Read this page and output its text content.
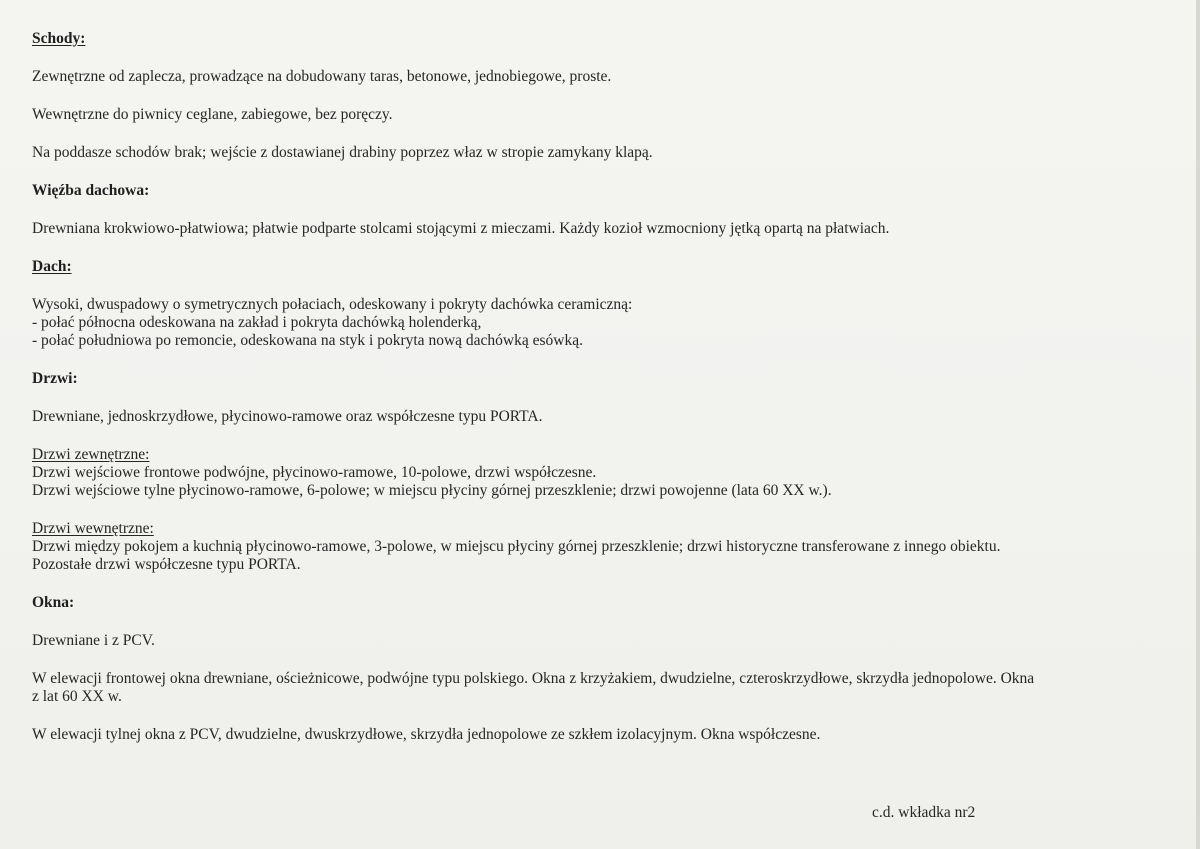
Schody:

Zewnętrzne od zaplecza, prowadzące na dobudowany taras, betonowe, jednobiegowe, proste.

Wewnętrzne do piwnicy ceglane, zabiegowe, bez poręczy.

Na poddasze schodów brak; wejście z dostawianej drabiny poprzez właz w stropie zamykany klapą.

Więźba dachowa:

Drewniana krokwiowo-płatwiowa; płatwie podparte stolcami stojącymi z mieczami. Każdy kozioł wzmocniony jętką opartą na płatwiach.

Dach:

Wysoki, dwuspadowy o symetrycznych połaciach, odeskowany i pokryty dachówka ceramiczną:

- połać północna odeskowana na zakład i pokryta dachówką holenderką,

- połać południowa po remoncie, odeskowana na styk i pokryta nową dachówką esówką.

Drzwi:

Drewniane, jednoskrzydłowe, płycinowo-ramowe oraz współczesne typu PORTA.

Drzwi zewnętrzne:

Drzwi wejściowe frontowe podwójne, płycinowo-ramowe, 10-polowe, drzwi współczesne.

Drzwi wejściowe tylne płycinowo-ramowe, 6-polowe; w miejscu płyciny górnej przeszklenie; drzwi powojenne (lata 60 XX w.).

Drzwi wewnętrzne:

Drzwi między pokojem a kuchnią płycinowo-ramowe, 3-polowe, w miejscu płyciny górnej przeszklenie; drzwi historyczne transferowane z innego obiektu.

Pozostałe drzwi współczesne typu PORTA.

Okna:

Drewniane i z PCV.

W elewacji frontowej okna drewniane, ościeżnicowe, podwójne typu polskiego. Okna z krzyżakiem, dwudzielne, czteroskrzydłowe, skrzydła jednopolowe. Okna

z lat 60 XX w.

W elewacji tylnej okna z PCV, dwudzielne, dwuskrzydłowe, skrzydła jednopolowe ze szkłem izolacyjnym. Okna współczesne.

c.d. wkładka nr2
